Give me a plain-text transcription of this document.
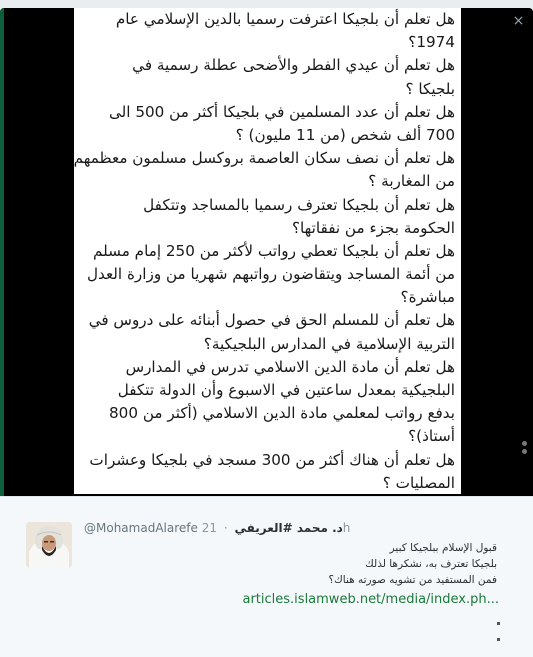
×
هل تعلم أن بلجيكا اعترفت رسميا بالدين الإسلامي عام
1974؟
هل تعلم أن عيدي الفطر والأضحى عطلة رسمية في
بلجيكا ؟
هل تعلم أن عدد المسلمين في بلجيكا أكثر من 500 الى
700 ألف شخص (من 11 مليون) ؟
هل تعلم أن نصف سكان العاصمة بروكسل مسلمون معظمهم
من المغاربة ؟
هل تعلم أن بلجيكا تعترف رسميا بالمساجد وتتكفل
الحكومة بجزء من نفقاتها؟
هل تعلم أن بلجيكا تعطي رواتب لأكثر من 250 إمام مسلم
من أئمة المساجد ويتقاضون رواتبهم شهريا من وزارة العدل
مباشرة؟
هل تعلم أن للمسلم الحق في حصول أبنائه على دروس في
التربية الإسلامية في المدارس البلجيكية؟
هل تعلم أن مادة الدين الاسلامي تدرس في المدارس
البلجيكية بمعدل ساعتين في الاسبوع وأن الدولة تتكفل
بدفع رواتب لمعلمي مادة الدين الاسلامي (أكثر من 800
أستاذ)؟
هل تعلم أن هناك أكثر من 300 مسجد في بلجيكا وعشرات
المصليات ؟
@MohamadAlarefe	د. محمد #العريفي · 21h
قبول الإسلام ببلجيكا كبير
بلجيكا تعترف به، نشكرها لذلك
فمن المستفيد من تشويه صورته هناك؟
articles.islamweb.net/media/index.ph...
